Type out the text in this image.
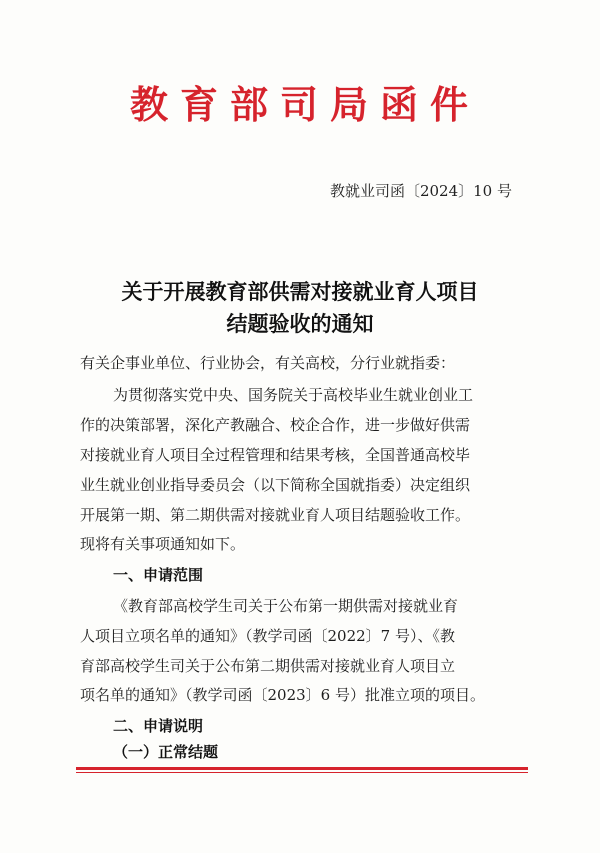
教育部司局函件
教就业司函〔2024〕10 号
关于开展教育部供需对接就业育人项目
结题验收的通知
有关企事业单位、行业协会，有关高校，分行业就指委：
为贯彻落实党中央、国务院关于高校毕业生就业创业工
作的决策部署，深化产教融合、校企合作，进一步做好供需
对接就业育人项目全过程管理和结果考核，全国普通高校毕
业生就业创业指导委员会（以下简称全国就指委）决定组织
开展第一期、第二期供需对接就业育人项目结题验收工作。
现将有关事项通知如下。
一、申请范围
《教育部高校学生司关于公布第一期供需对接就业育
人项目立项名单的通知》（教学司函〔2022〕7 号）、《教
育部高校学生司关于公布第二期供需对接就业育人项目立
项名单的通知》（教学司函〔2023〕6 号）批准立项的项目。
二、申请说明
（一）正常结题
